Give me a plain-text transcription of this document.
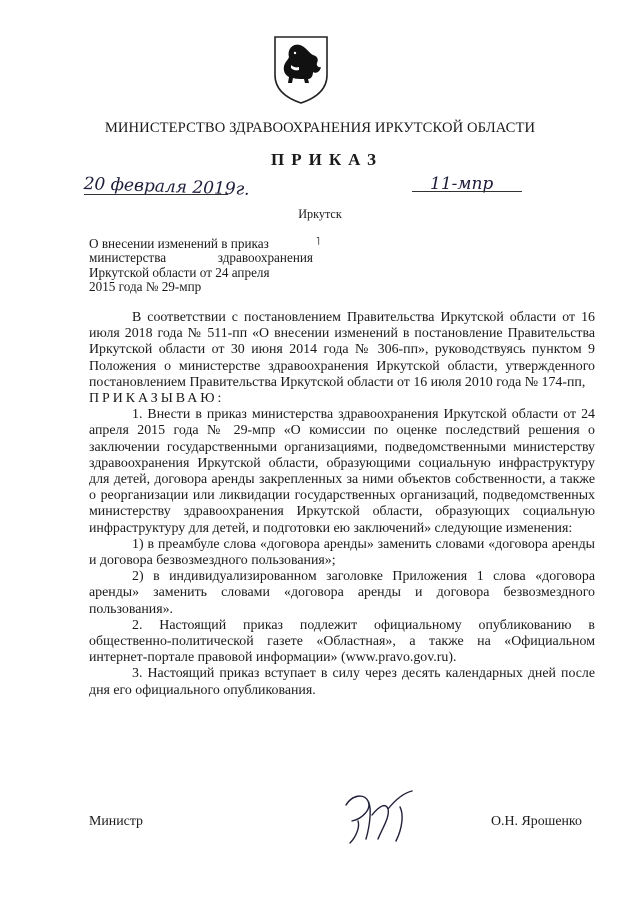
МИНИСТЕРСТВО ЗДРАВООХРАНЕНИЯ ИРКУТСКОЙ ОБЛАСТИ
ПРИКАЗ
20 февраля 2019г.	11-мпр
Иркутск
О внесении изменений в приказ
министерства здравоохранения
Иркутской области от 24 апреля
2015 года № 29-мпр
˥

В соответствии с постановлением Правительства Иркутской области от 16 июля 2018 года № 511-пп «О внесении изменений в постановление Правительства Иркутской области от 30 июня 2014 года № 306-пп», руководствуясь пунктом 9 Положения о министерстве здравоохранения Иркутской области, утвержденного постановлением Правительства Иркутской области от 16 июля 2010 года № 174-пп,

ПРИКАЗЫВАЮ:

1. Внести в приказ министерства здравоохранения Иркутской области от 24 апреля 2015 года № 29-мпр «О комиссии по оценке последствий решения о заключении государственными организациями, подведомственными министерству здравоохранения Иркутской области, образующими социальную инфраструктуру для детей, договора аренды закрепленных за ними объектов собственности, а также о реорганизации или ликвидации государственных организаций, подведомственных министерству здравоохранения Иркутской области, образующих социальную инфраструктуру для детей, и подготовки ею заключений» следующие изменения:

1) в преамбуле слова «договора аренды» заменить словами «договора аренды и договора безвозмездного пользования»;

2) в индивидуализированном заголовке Приложения 1 слова «договора аренды» заменить словами «договора аренды и договора безвозмездного пользования».

2. Настоящий приказ подлежит официальному опубликованию в общественно-политической газете «Областная», а также на «Официальном интернет-портале правовой информации» (www.pravo.gov.ru).

3. Настоящий приказ вступает в силу через десять календарных дней после дня его официального опубликования.

Министр	О.Н. Ярошенко
